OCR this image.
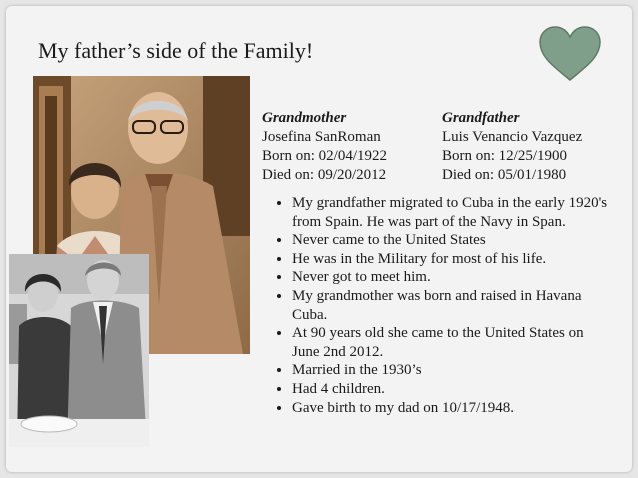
My father’s side of the Family!
Grandmother
Josefina SanRoman
Born on: 02/04/1922
Died on: 09/20/2012
Grandfather
Luis Venancio Vazquez
Born on: 12/25/1900
Died on: 05/01/1980
• My grandfather migrated to Cuba in the early 1920's from Spain. He was part of the Navy in Span.
• Never came to the United States
• He was in the Military for most of his life.
• Never got to meet him.
• My grandmother was born and raised in Havana Cuba.
• At 90 years old she came to the United States on June 2nd 2012.
• Married in the 1930’s
• Had 4 children.
• Gave birth to my dad on 10/17/1948.
